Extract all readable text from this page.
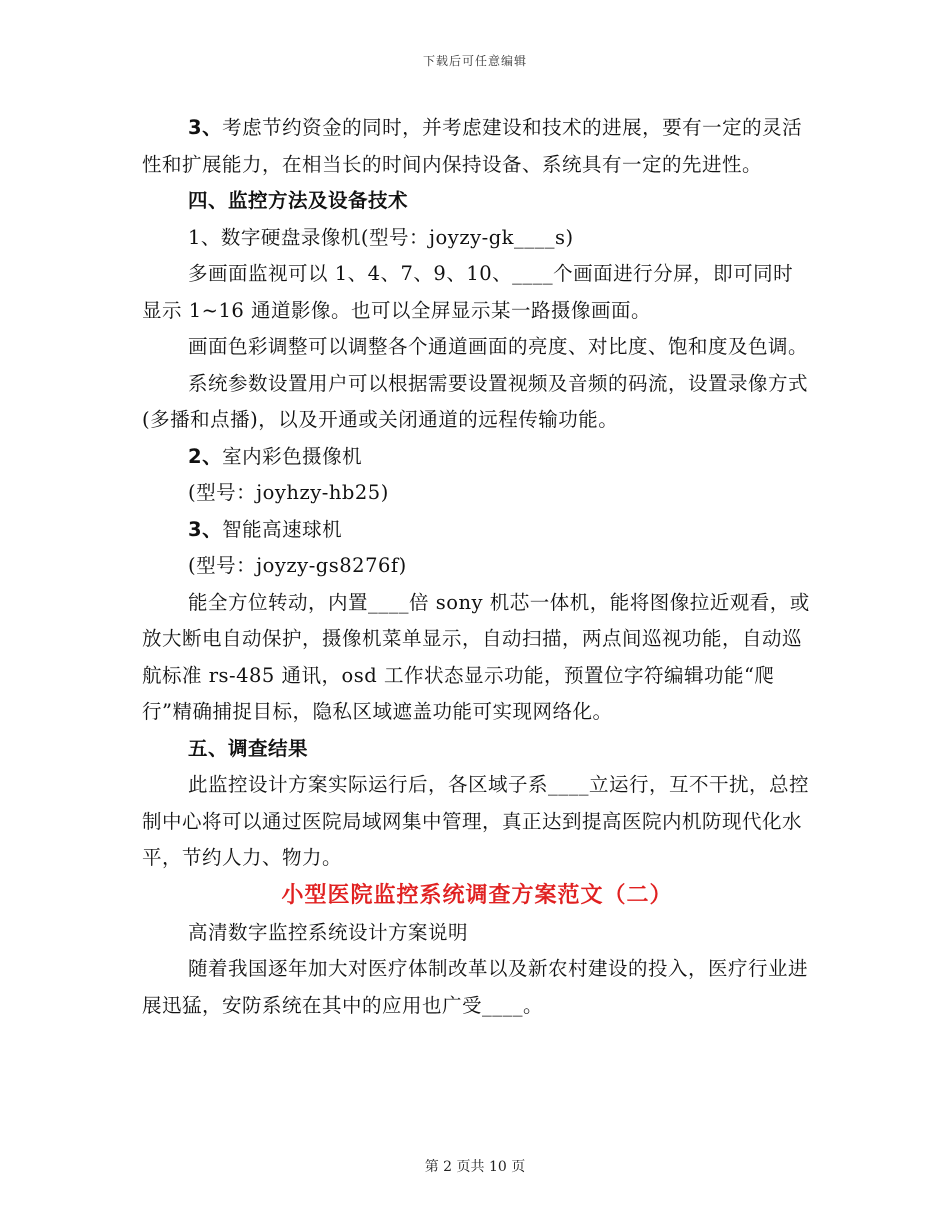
下载后可任意编辑

3、考虑节约资金的同时，并考虑建设和技术的进展，要有一定的灵活性和扩展能力，在相当长的时间内保持设备、系统具有一定的先进性。

四、监控方法及设备技术

1、数字硬盘录像机(型号：joyzy-gk____s)

多画面监视可以 1、4、7、9、10、____个画面进行分屏，即可同时显示 1~16 通道影像。也可以全屏显示某一路摄像画面。

画面色彩调整可以调整各个通道画面的亮度、对比度、饱和度及色调。

系统参数设置用户可以根据需要设置视频及音频的码流，设置录像方式(多播和点播)，以及开通或关闭通道的远程传输功能。

2、室内彩色摄像机

(型号：joyhzy-hb25)

3、智能高速球机

(型号：joyzy-gs8276f)

能全方位转动，内置____倍 sony 机芯一体机，能将图像拉近观看，或放大断电自动保护，摄像机菜单显示，自动扫描，两点间巡视功能，自动巡航标准 rs-485 通讯，osd 工作状态显示功能，预置位字符编辑功能“爬行”精确捕捉目标，隐私区域遮盖功能可实现网络化。

五、调查结果

此监控设计方案实际运行后，各区域子系____立运行，互不干扰，总控制中心将可以通过医院局域网集中管理，真正达到提高医院内机防现代化水平，节约人力、物力。

小型医院监控系统调查方案范文（二）

高清数字监控系统设计方案说明

随着我国逐年加大对医疗体制改革以及新农村建设的投入，医疗行业进展迅猛，安防系统在其中的应用也广受____。

第 2 页共 10 页
